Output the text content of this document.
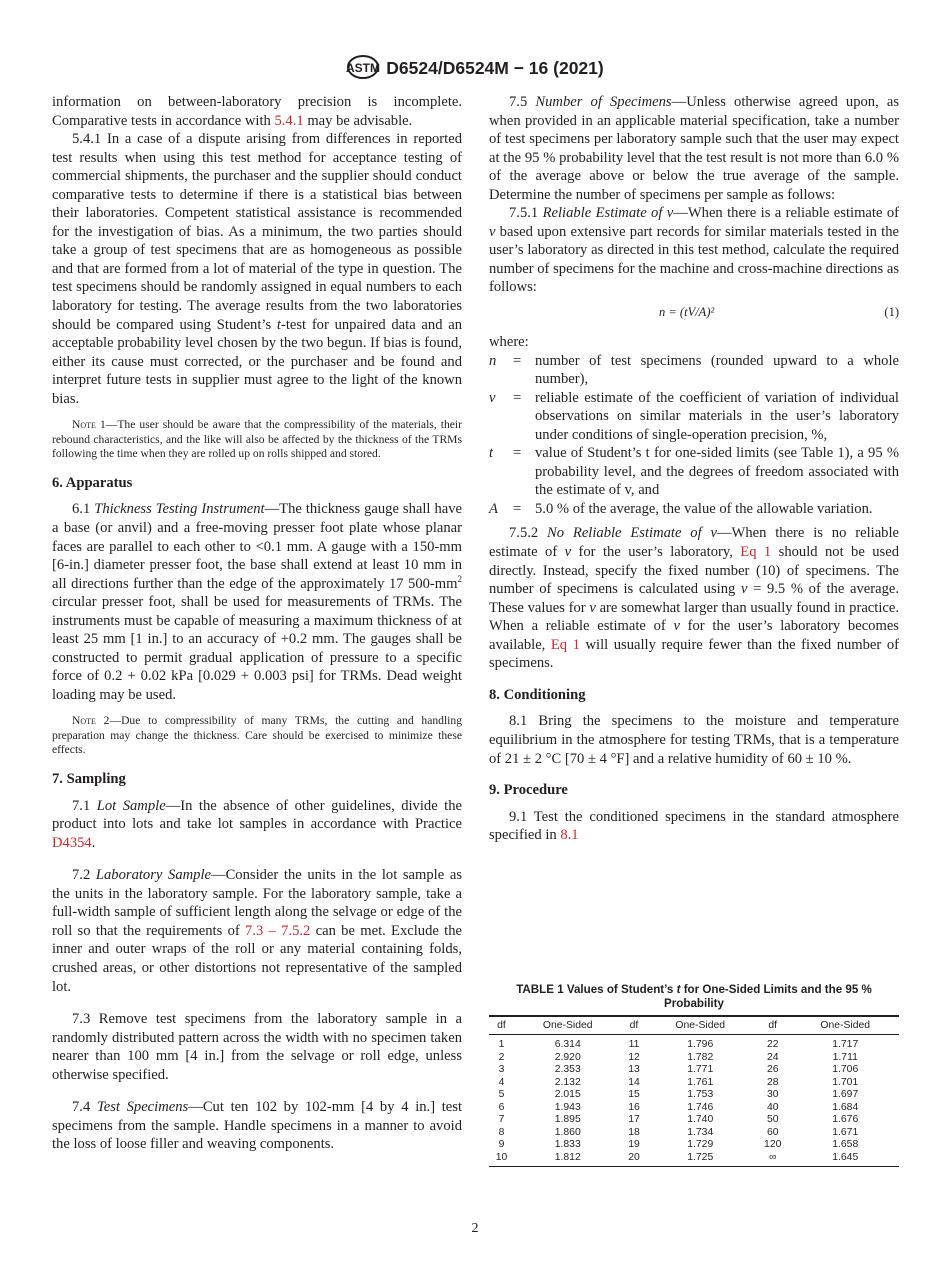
ASTM D6524/D6524M − 16 (2021)

information on between-laboratory precision is incomplete. Comparative tests in accordance with 5.4.1 may be advisable.

5.4.1 In a case of a dispute arising from differences in reported test results when using this test method for acceptance testing of commercial shipments, the purchaser and the supplier should conduct comparative tests to determine if there is a statistical bias between their laboratories. Competent statistical assistance is recommended for the investigation of bias. As a minimum, the two parties should take a group of test specimens that are as homogeneous as possible and that are formed from a lot of material of the type in question. The test specimens should be randomly assigned in equal numbers to each laboratory for testing. The average results from the two laboratories should be compared using Student’s t-test for unpaired data and an acceptable probability level chosen by the two begun. If bias is found, either its cause must corrected, or the purchaser and be found and interpret future tests in supplier must agree to the light of the known bias.

Note 1—The user should be aware that the compressibility of the materials, their rebound characteristics, and the like will also be affected by the thickness of the TRMs following the time when they are rolled up on rolls shipped and stored.

6. Apparatus

6.1 Thickness Testing Instrument—The thickness gauge shall have a base (or anvil) and a free-moving presser foot plate whose planar faces are parallel to each other to <0.1 mm. A gauge with a 150-mm [6-in.] diameter presser foot, the base shall extend at least 10 mm in all directions further than the edge of the approximately 17 $500-mm^2$ circular presser foot, shall be used for measurements of TRMs. The instruments must be capable of measuring a maximum thickness of at least 25 mm [1 in.] to an accuracy of +0.2 mm. The gauges shall be constructed to permit gradual application of pressure to a specific force of 0.2 + 0.02 kPa [0.029 + 0.003 psi] for TRMs. Dead weight loading may be used.

Note 2—Due to compressibility of many TRMs, the cutting and handling preparation may change the thickness. Care should be exercised to minimize these effects.

7. Sampling

7.1 Lot Sample—In the absence of other guidelines, divide the product into lots and take lot samples in accordance with Practice D4354.

7.2 Laboratory Sample—Consider the units in the lot sample as the units in the laboratory sample. For the laboratory sample, take a full-width sample of sufficient length along the selvage or edge of the roll so that the requirements of 7.3 – 7.5.2 can be met. Exclude the inner and outer wraps of the roll or any material containing folds, crushed areas, or other distortions not representative of the sampled lot.

7.3 Remove test specimens from the laboratory sample in a randomly distributed pattern across the width with no specimen taken nearer than 100 mm [4 in.] from the selvage or roll edge, unless otherwise specified.

7.4 Test Specimens—Cut ten 102 by 102-mm [4 by 4 in.] test specimens from the sample. Handle specimens in a manner to avoid the loss of loose filler and weaving components.

7.5 Number of Specimens—Unless otherwise agreed upon, as when provided in an applicable material specification, take a number of test specimens per laboratory sample such that the user may expect at the 95 % probability level that the test result is not more than 6.0 % of the average above or below the true average of the sample. Determine the number of specimens per sample as follows:

7.5.1 Reliable Estimate of v—When there is a reliable estimate of v based upon extensive part records for similar materials tested in the user’s laboratory as directed in this test method, calculate the required number of specimens for the machine and cross-machine directions as follows:

n = (tV/A)²	(1)

where:

n	= number of test specimens (rounded upward to a whole number),
v	= reliable estimate of the coefficient of variation of individual observations on similar materials in the user’s laboratory under conditions of single-operation precision, %,
t	= value of Student’s t for one-sided limits (see Table 1), a 95 % probability level, and the degrees of freedom associated with the estimate of v, and
A	= 5.0 % of the average, the value of the allowable variation.

7.5.2 No Reliable Estimate of v—When there is no reliable estimate of v for the user’s laboratory, Eq 1 should not be used directly. Instead, specify the fixed number (10) of specimens. The number of specimens is calculated using v = 9.5 % of the average. These values for v are somewhat larger than usually found in practice. When a reliable estimate of v for the user’s laboratory becomes available, Eq 1 will usually require fewer than the fixed number of specimens.

8. Conditioning

8.1 Bring the specimens to the moisture and temperature equilibrium in the atmosphere for testing TRMs, that is a temperature of 21 ± 2 °C [70 ± 4 °F] and a relative humidity of 60 ± 10 %.

9. Procedure

9.1 Test the conditioned specimens in the standard atmosphere specified in 8.1

TABLE 1 Values of Student’s t for One-Sided Limits and the 95 % Probability
df	One-Sided	df	One-Sided	df	One-Sided
1	6.314	11	1.796	22	1.717
2	2.920	12	1.782	24	1.711
3	2.353	13	1.771	26	1.706
4	2.132	14	1.761	28	1.701
5	2.015	15	1.753	30	1.697
6	1.943	16	1.746	40	1.684
7	1.895	17	1.740	50	1.676
8	1.860	18	1.734	60	1.671
9	1.833	19	1.729	120	1.658
10	1.812	20	1.725	∞	1.645
2
